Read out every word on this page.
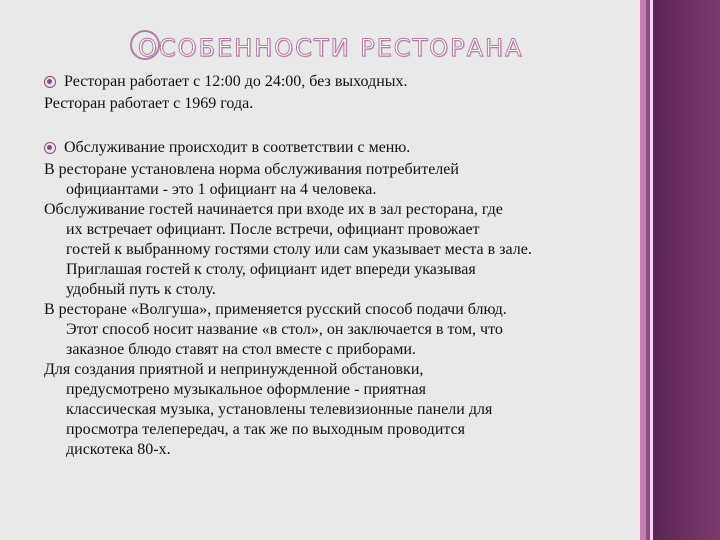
ОСОБЕННОСТИ РЕСТОРАНА
Ресторан работает с 12:00 до 24:00, без выходных.
Ресторан работает с 1969 года.
Обслуживание происходит в соответствии с меню.
В ресторане установлена норма обслуживания потребителей
официантами - это 1 официант на 4 человека.
Обслуживание гостей начинается при входе их в зал ресторана, где
их встречает официант. После встречи, официант провожает
гостей к выбранному гостями столу или сам указывает места в зале.
Приглашая гостей к столу, официант идет впереди указывая
удобный путь к столу.
В ресторане «Волгуша», применяется русский способ подачи блюд.
Этот способ носит название «в стол», он заключается в том, что
заказное блюдо ставят на стол вместе с приборами.
Для создания приятной и непринужденной обстановки,
предусмотрено музыкальное оформление - приятная
классическая музыка, установлены телевизионные панели для
просмотра телепередач, а так же по выходным проводится
дискотека 80-х.
